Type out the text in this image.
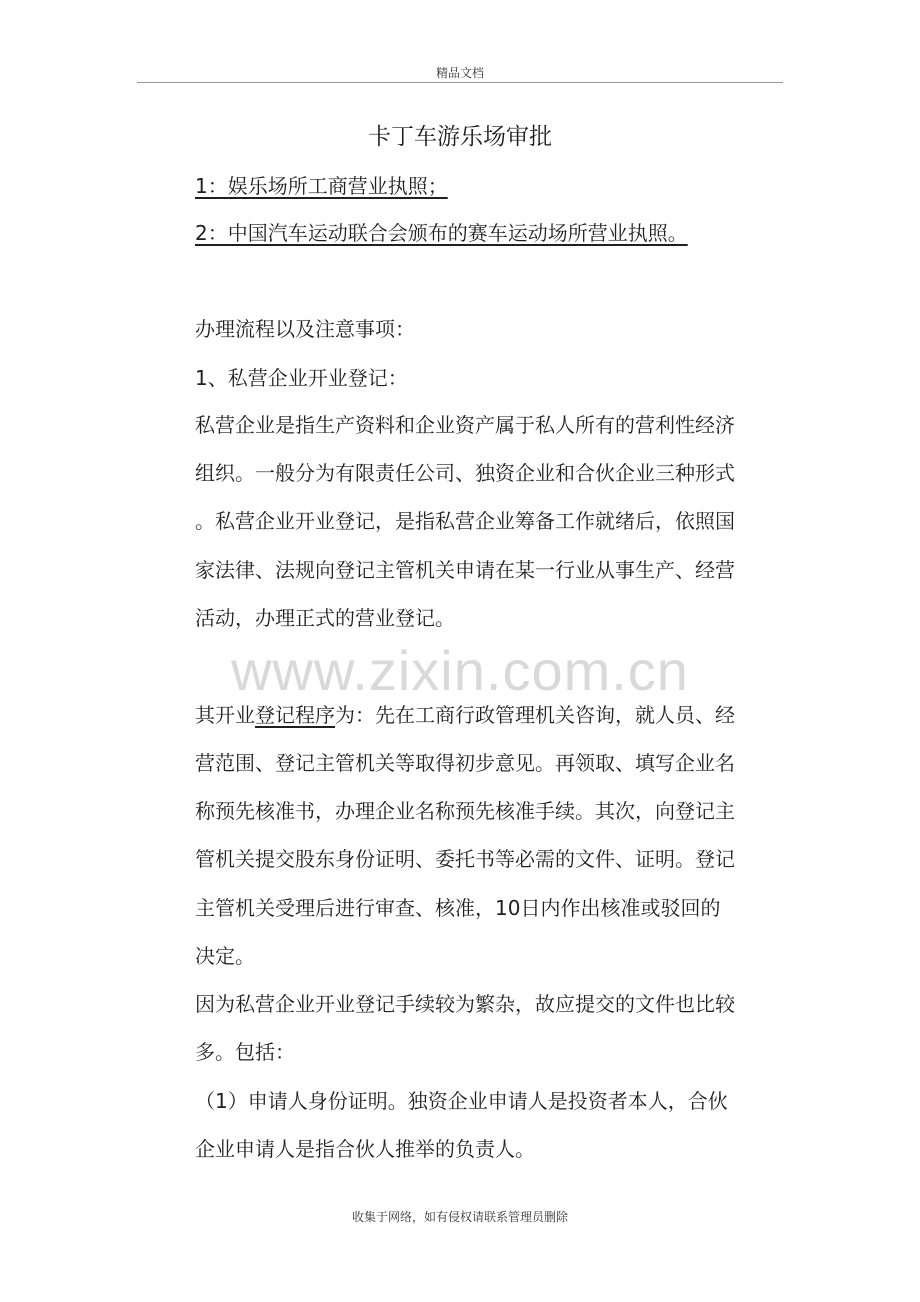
精品文档
卡丁车游乐场审批
1：娱乐场所工商营业执照；
2：中国汽车运动联合会颁布的赛车运动场所营业执照。
办理流程以及注意事项：
1、私营企业开业登记：
私营企业是指生产资料和企业资产属于私人所有的营利性经济
组织。一般分为有限责任公司、独资企业和合伙企业三种形式
。私营企业开业登记，是指私营企业筹备工作就绪后，依照国
家法律、法规向登记主管机关申请在某一行业从事生产、经营
活动，办理正式的营业登记。
其开业登记程序为：先在工商行政管理机关咨询，就人员、经
营范围、登记主管机关等取得初步意见。再领取、填写企业名
称预先核准书，办理企业名称预先核准手续。其次，向登记主
管机关提交股东身份证明、委托书等必需的文件、证明。登记
主管机关受理后进行审查、核准，10日内作出核准或驳回的
决定。
因为私营企业开业登记手续较为繁杂，故应提交的文件也比较
多。包括：
（1）申请人身份证明。独资企业申请人是投资者本人，合伙
企业申请人是指合伙人推举的负责人。
www.zixin.com.cn
收集于网络，如有侵权请联系管理员删除
